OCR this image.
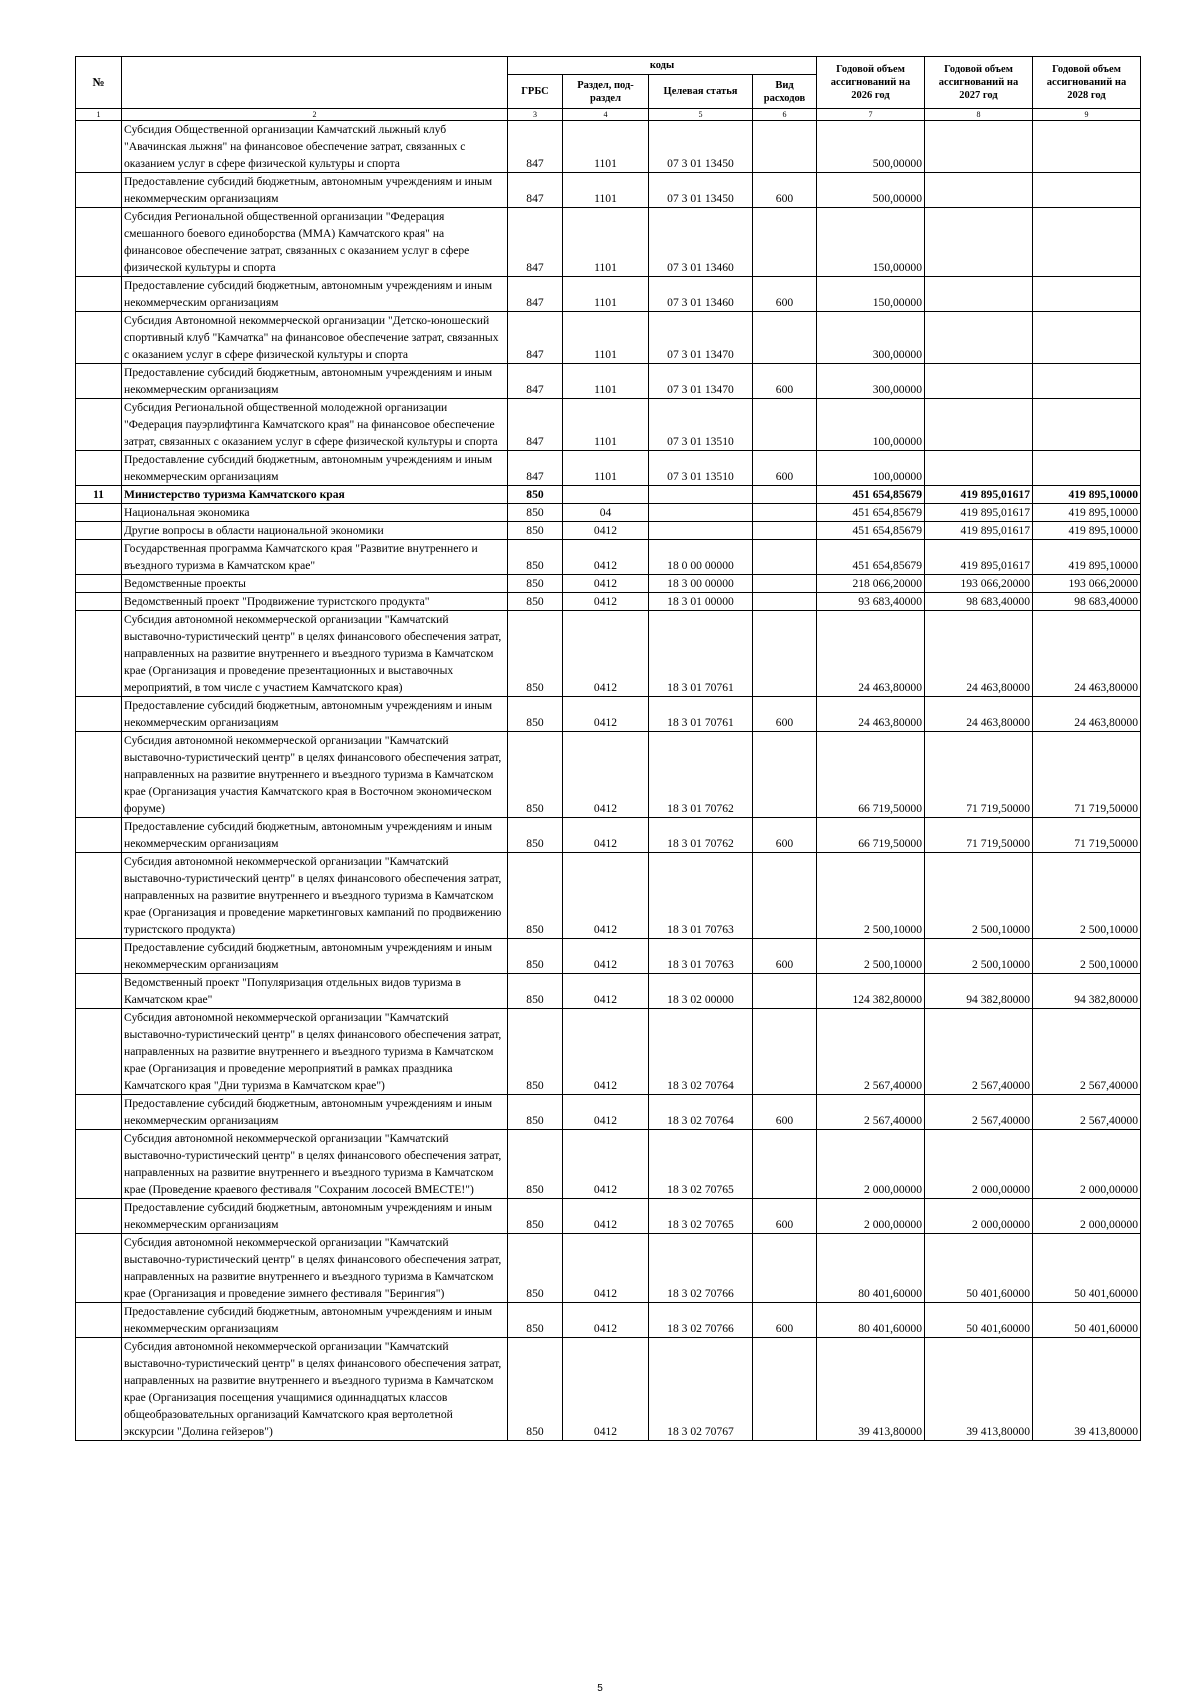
№		коды				Годовой объем ассигнований на 2026 год	Годовой объем ассигнований на 2027 год	Годовой объем ассигнований на 2028 год
		ГРБС	Раздел, под-раздел	Целевая статья	Вид расходов			
1	2	3	4	5	6	7	8	9
	Субсидия Общественной организации Камчатский лыжный клуб "Авачинская лыжня" на финансовое обеспечение затрат, связанных с оказанием услуг в сфере физической культуры и спорта	847	1101	07 3 01 13450		500,00000		
	Предоставление субсидий бюджетным, автономным учреждениям и иным некоммерческим организациям	847	1101	07 3 01 13450	600	500,00000		
	Субсидия Региональной общественной организации "Федерация смешанного боевого единоборства (ММА) Камчатского края" на финансовое обеспечение затрат, связанных с оказанием услуг в сфере физической культуры и спорта	847	1101	07 3 01 13460		150,00000		
	Предоставление субсидий бюджетным, автономным учреждениям и иным некоммерческим организациям	847	1101	07 3 01 13460	600	150,00000		
	Субсидия Автономной некоммерческой организации "Детско-юношеский спортивный клуб "Камчатка" на финансовое обеспечение затрат, связанных с оказанием услуг в сфере физической культуры и спорта	847	1101	07 3 01 13470		300,00000		
	Предоставление субсидий бюджетным, автономным учреждениям и иным некоммерческим организациям	847	1101	07 3 01 13470	600	300,00000		
	Субсидия Региональной общественной молодежной организации "Федерация пауэрлифтинга Камчатского края" на финансовое обеспечение затрат, связанных с оказанием услуг в сфере физической культуры и спорта	847	1101	07 3 01 13510		100,00000		
	Предоставление субсидий бюджетным, автономным учреждениям и иным некоммерческим организациям	847	1101	07 3 01 13510	600	100,00000		
11	Министерство туризма Камчатского края	850				451 654,85679	419 895,01617	419 895,10000
	Национальная экономика	850	04			451 654,85679	419 895,01617	419 895,10000
	Другие вопросы в области национальной экономики	850	0412			451 654,85679	419 895,01617	419 895,10000
	Государственная программа Камчатского края "Развитие внутреннего и въездного туризма в Камчатском крае"	850	0412	18 0 00 00000		451 654,85679	419 895,01617	419 895,10000
	Ведомственные проекты	850	0412	18 3 00 00000		218 066,20000	193 066,20000	193 066,20000
	Ведомственный проект "Продвижение туристского продукта"	850	0412	18 3 01 00000		93 683,40000	98 683,40000	98 683,40000
	Субсидия автономной некоммерческой организации "Камчатский выставочно-туристический центр" в целях финансового обеспечения затрат, направленных на развитие внутреннего и въездного туризма в Камчатском крае (Организация и проведение презентационных и выставочных мероприятий, в том числе с участием Камчатского края)	850	0412	18 3 01 70761		24 463,80000	24 463,80000	24 463,80000
	Предоставление субсидий бюджетным, автономным учреждениям и иным некоммерческим организациям	850	0412	18 3 01 70761	600	24 463,80000	24 463,80000	24 463,80000
	Субсидия автономной некоммерческой организации "Камчатский выставочно-туристический центр" в целях финансового обеспечения затрат, направленных на развитие внутреннего и въездного туризма в Камчатском крае (Организация участия Камчатского края в Восточном экономическом форуме)	850	0412	18 3 01 70762		66 719,50000	71 719,50000	71 719,50000
	Предоставление субсидий бюджетным, автономным учреждениям и иным некоммерческим организациям	850	0412	18 3 01 70762	600	66 719,50000	71 719,50000	71 719,50000
	Субсидия автономной некоммерческой организации "Камчатский выставочно-туристический центр" в целях финансового обеспечения затрат, направленных на развитие внутреннего и въездного туризма в Камчатском крае (Организация и проведение маркетинговых кампаний по продвижению туристского продукта)	850	0412	18 3 01 70763		2 500,10000	2 500,10000	2 500,10000
	Предоставление субсидий бюджетным, автономным учреждениям и иным некоммерческим организациям	850	0412	18 3 01 70763	600	2 500,10000	2 500,10000	2 500,10000
	Ведомственный проект "Популяризация отдельных видов туризма в Камчатском крае"	850	0412	18 3 02 00000		124 382,80000	94 382,80000	94 382,80000
	Субсидия автономной некоммерческой организации "Камчатский выставочно-туристический центр" в целях финансового обеспечения затрат, направленных на развитие внутреннего и въездного туризма в Камчатском крае (Организация и проведение мероприятий в рамках праздника Камчатского края "Дни туризма в Камчатском крае")	850	0412	18 3 02 70764		2 567,40000	2 567,40000	2 567,40000
	Предоставление субсидий бюджетным, автономным учреждениям и иным некоммерческим организациям	850	0412	18 3 02 70764	600	2 567,40000	2 567,40000	2 567,40000
	Субсидия автономной некоммерческой организации "Камчатский выставочно-туристический центр" в целях финансового обеспечения затрат, направленных на развитие внутреннего и въездного туризма в Камчатском крае (Проведение краевого фестиваля "Сохраним лососей ВМЕСТЕ!")	850	0412	18 3 02 70765		2 000,00000	2 000,00000	2 000,00000
	Предоставление субсидий бюджетным, автономным учреждениям и иным некоммерческим организациям	850	0412	18 3 02 70765	600	2 000,00000	2 000,00000	2 000,00000
	Субсидия автономной некоммерческой организации "Камчатский выставочно-туристический центр" в целях финансового обеспечения затрат, направленных на развитие внутреннего и въездного туризма в Камчатском крае (Организация и проведение зимнего фестиваля "Берингия")	850	0412	18 3 02 70766		80 401,60000	50 401,60000	50 401,60000
	Предоставление субсидий бюджетным, автономным учреждениям и иным некоммерческим организациям	850	0412	18 3 02 70766	600	80 401,60000	50 401,60000	50 401,60000
	Субсидия автономной некоммерческой организации "Камчатский выставочно-туристический центр" в целях финансового обеспечения затрат, направленных на развитие внутреннего и въездного туризма в Камчатском крае (Организация посещения учащимися одиннадцатых классов общеобразовательных организаций Камчатского края вертолетной экскурсии "Долина гейзеров")	850	0412	18 3 02 70767		39 413,80000	39 413,80000	39 413,80000
5
